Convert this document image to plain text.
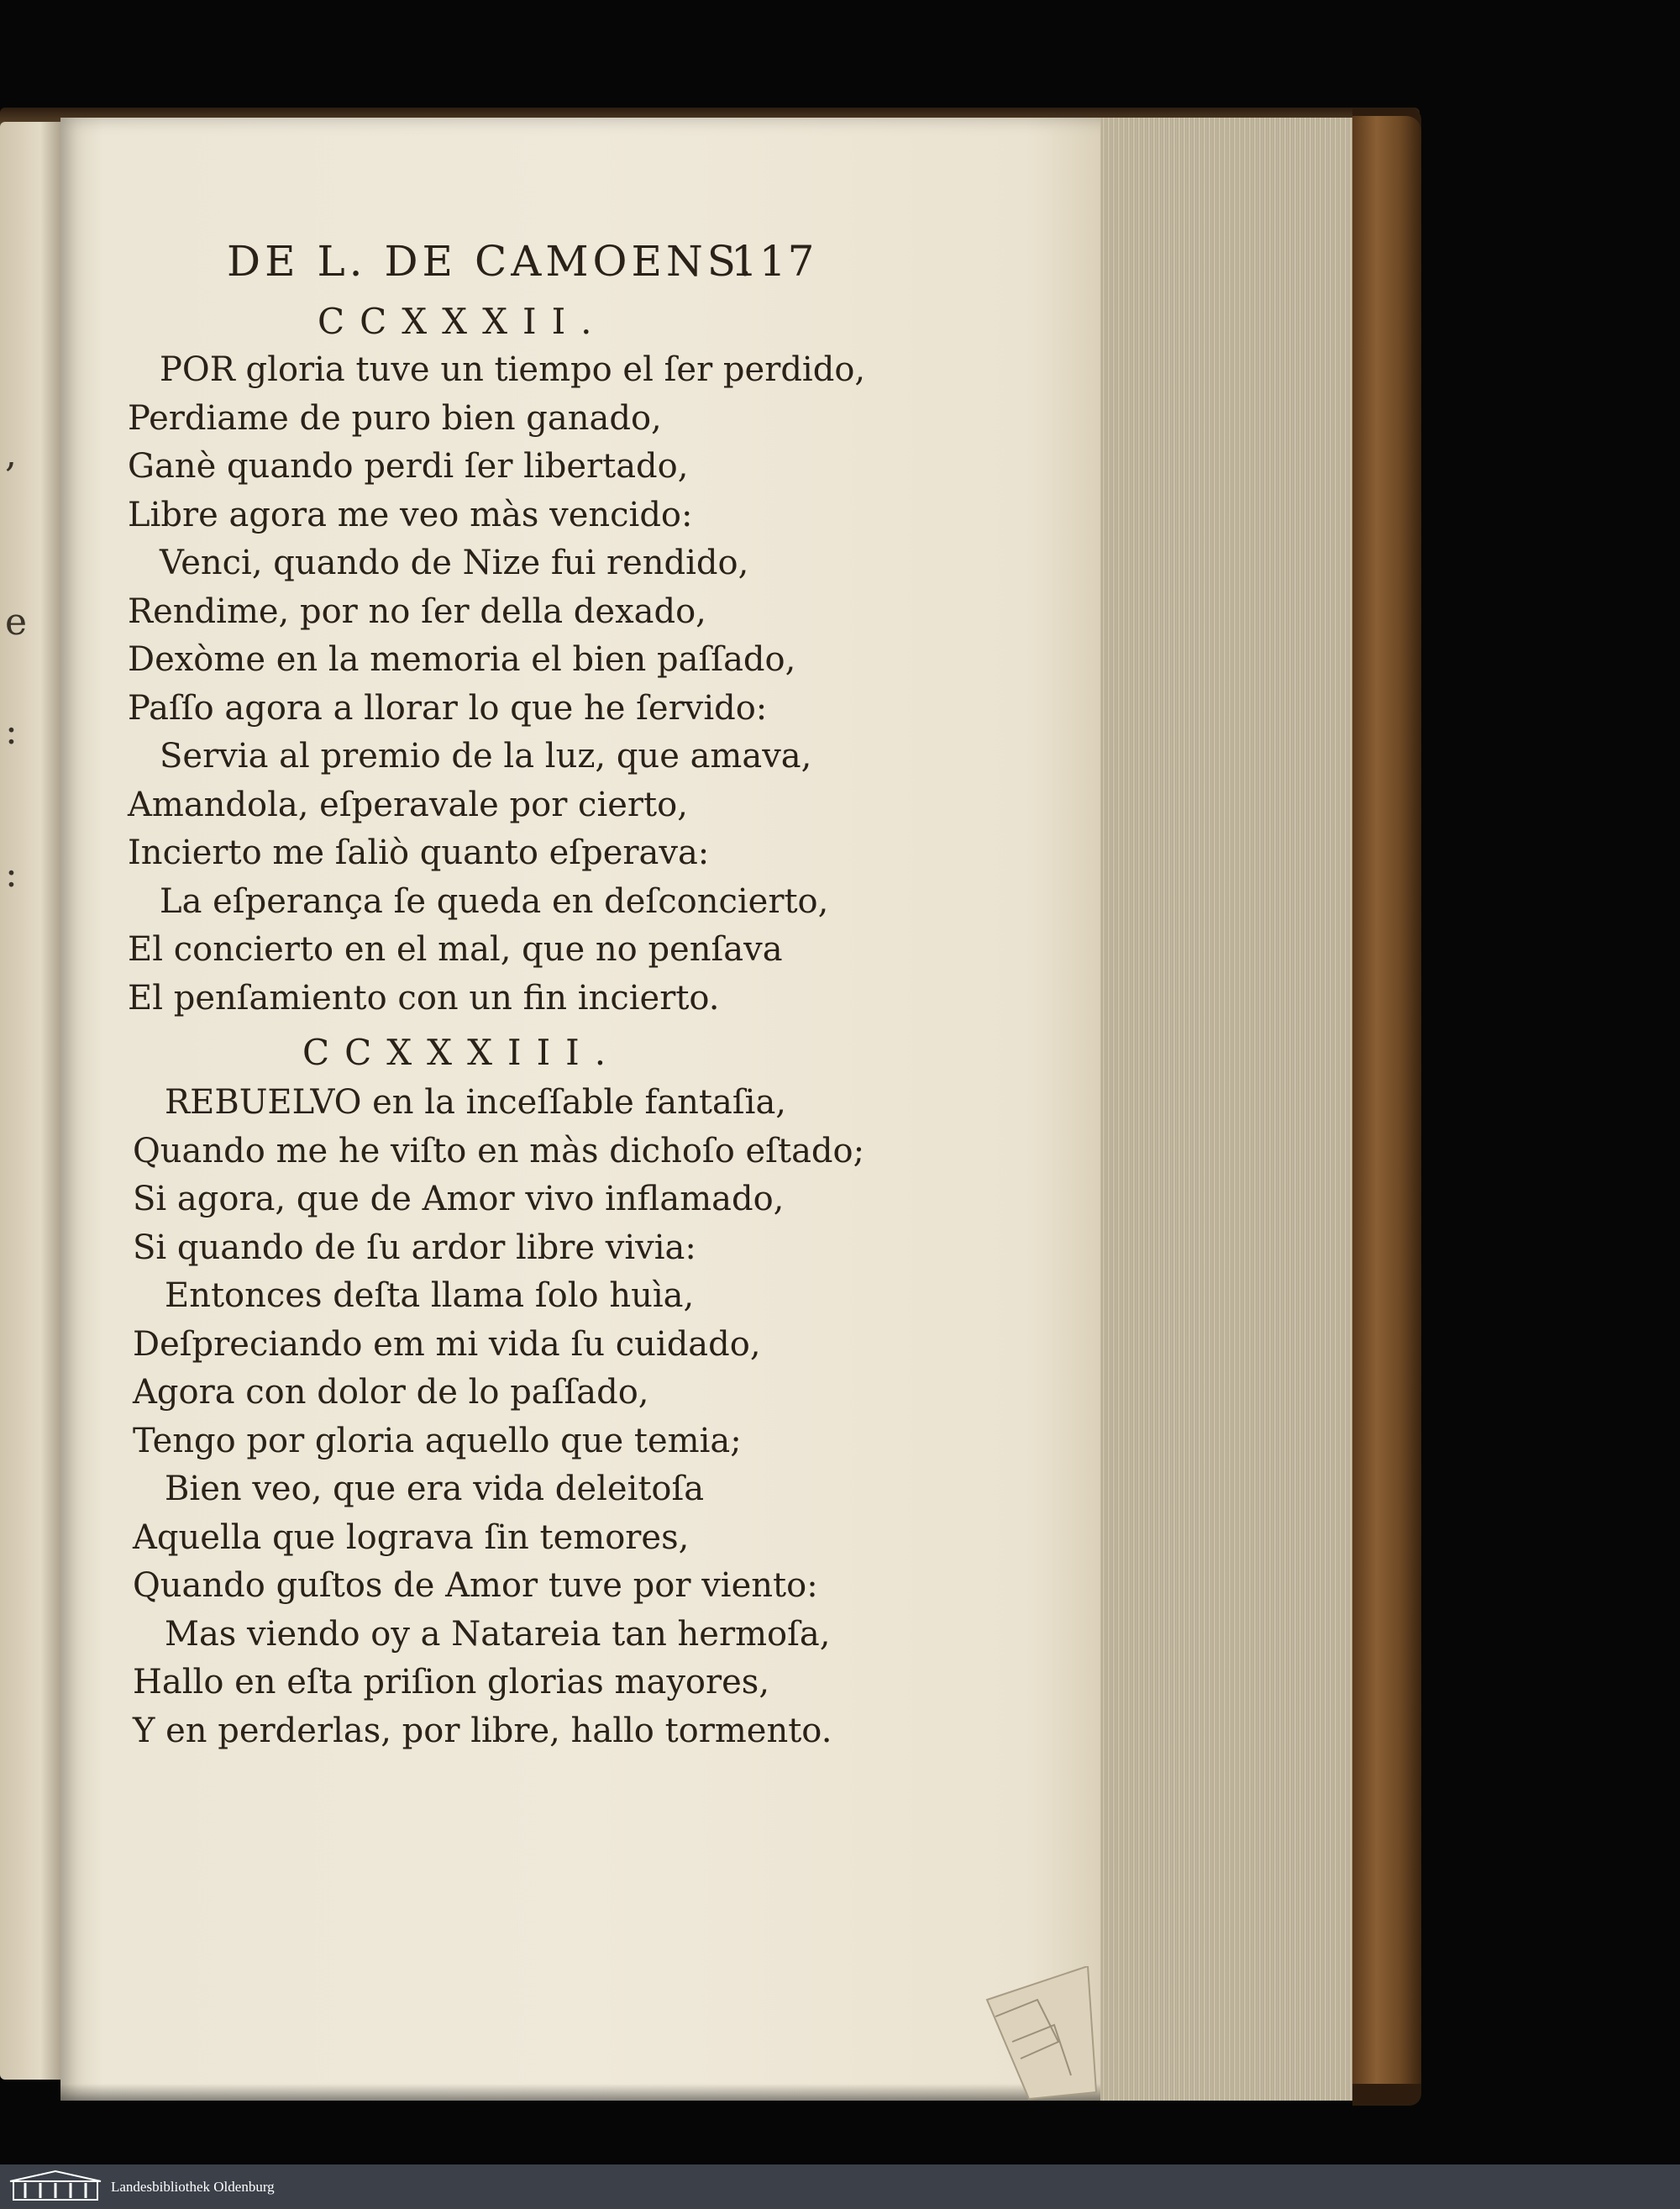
,
e
:
:
DE L. DE CAMOENS.
117
CCXXXII.
POR gloria tuve un tiempo el ſer perdido,
Perdiame de puro bien ganado,
Ganè quando perdi ſer libertado,
Libre agora me veo màs vencido:
Venci, quando de Nize fui rendido,
Rendime, por no ſer della dexado,
Dexòme en la memoria el bien paſſado,
Paſſo agora a llorar lo que he ſervido:
Servia al premio de la luz, que amava,
Amandola, eſperavale por cierto,
Incierto me ſaliò quanto eſperava:
La eſperança ſe queda en deſconcierto,
El concierto en el mal, que no penſava
El penſamiento con un fin incierto.
CCXXXIII.
REBUELVO en la inceſſable fantaſia,
Quando me he viſto en màs dichoſo eſtado;
Si agora, que de Amor vivo inflamado,
Si quando de ſu ardor libre vivia:
Entonces deſta llama ſolo huìa,
Deſpreciando em mi vida ſu cuidado,
Agora con dolor de lo paſſado,
Tengo por gloria aquello que temia;
Bien veo, que era vida deleitoſa
Aquella que lograva ſin temores,
Quando guſtos de Amor tuve por viento:
Mas viendo oy a Natareia tan hermoſa,
Hallo en eſta priſion glorias mayores,
Y en perderlas, por libre, hallo tormento.
Landesbibliothek Oldenburg
